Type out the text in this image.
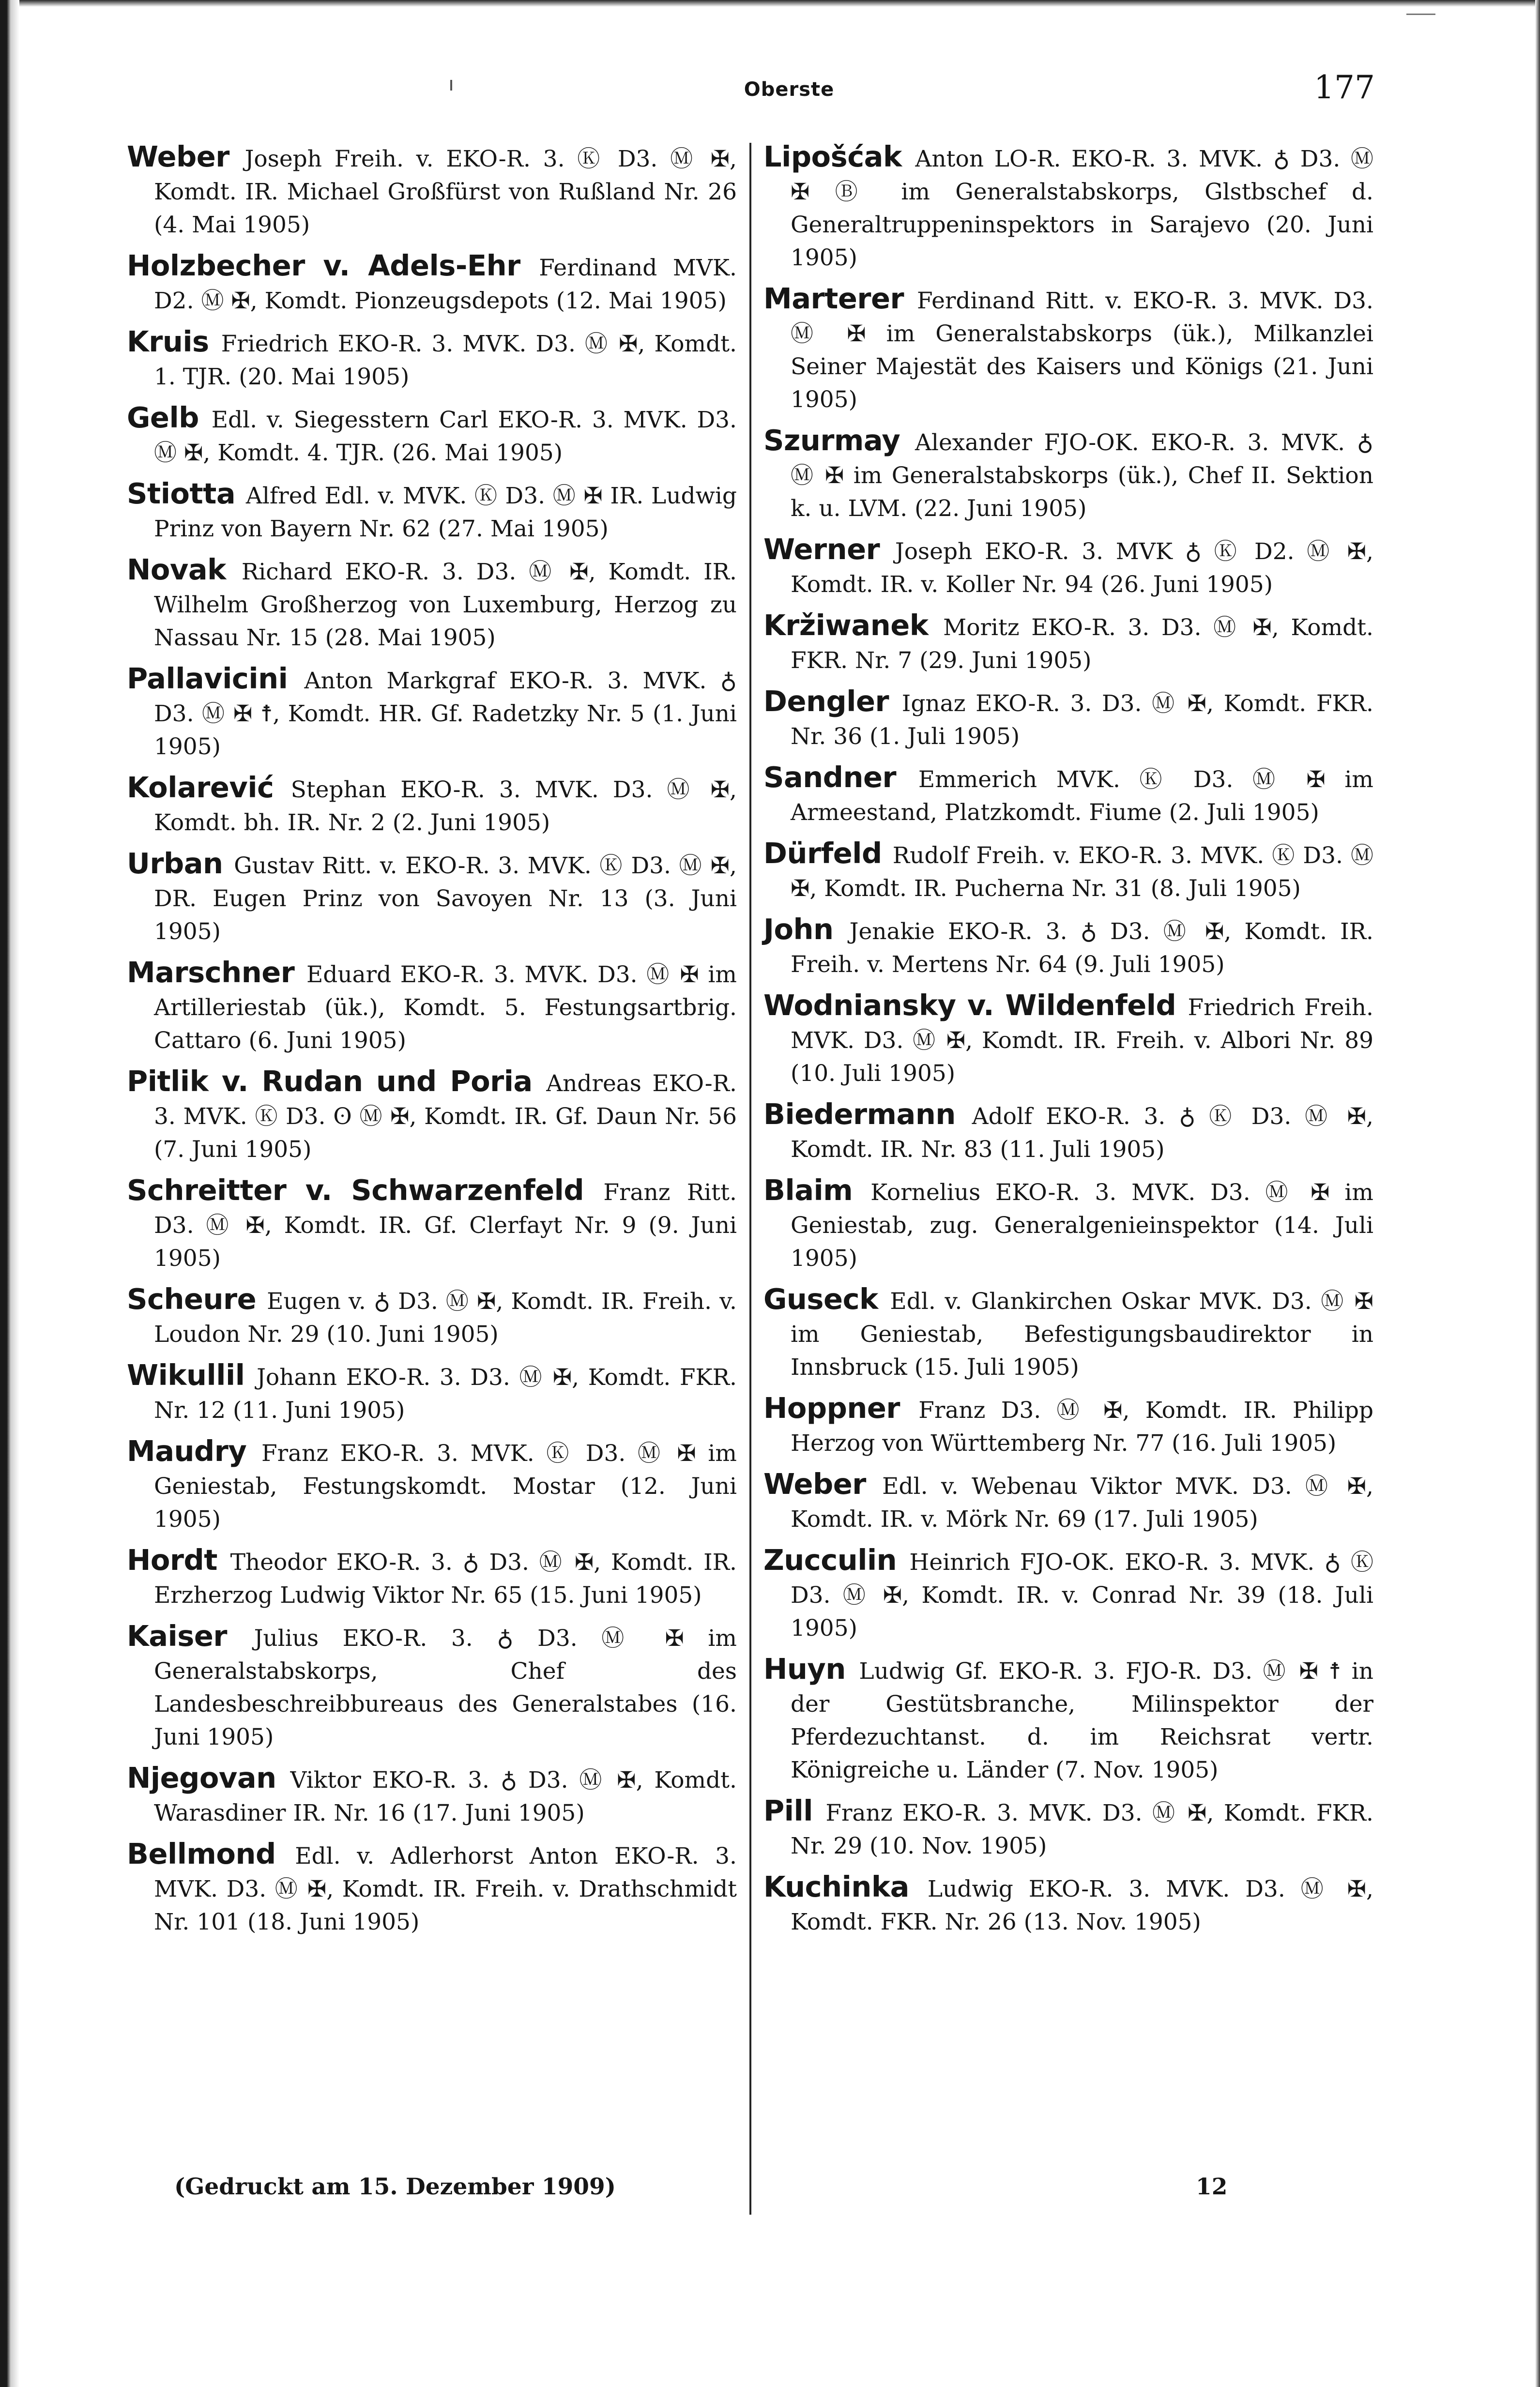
Oberste	177

Weber Joseph Freih. v. EKO-R. 3. Ⓚ D3. Ⓜ ✠, Komdt. IR. Michael Großfürst von Rußland Nr. 26 (4. Mai 1905)

Holzbecher v. Adels-Ehr Ferdinand MVK. D2. Ⓜ ✠, Komdt. Pionzeugsdepots (12. Mai 1905)

Kruis Friedrich EKO-R. 3. MVK. D3. Ⓜ ✠, Komdt. 1. TJR. (20. Mai 1905)

Gelb Edl. v. Siegesstern Carl EKO-R. 3. MVK. D3. Ⓜ ✠, Komdt. 4. TJR. (26. Mai 1905)

Stiotta Alfred Edl. v. MVK. Ⓚ D3. Ⓜ ✠ IR. Ludwig Prinz von Bayern Nr. 62 (27. Mai 1905)

Novak Richard EKO-R. 3. D3. Ⓜ ✠, Komdt. IR. Wilhelm Großherzog von Luxemburg, Herzog zu Nassau Nr. 15 (28. Mai 1905)

Pallavicini Anton Markgraf EKO-R. 3. MVK. ♁ D3. Ⓜ ✠ ☨, Komdt. HR. Gf. Radetzky Nr. 5 (1. Juni 1905)

Kolarević Stephan EKO-R. 3. MVK. D3. Ⓜ ✠, Komdt. bh. IR. Nr. 2 (2. Juni 1905)

Urban Gustav Ritt. v. EKO-R. 3. MVK. Ⓚ D3. Ⓜ ✠, DR. Eugen Prinz von Savoyen Nr. 13 (3. Juni 1905)

Marschner Eduard EKO-R. 3. MVK. D3. Ⓜ ✠ im Artilleriestab (ük.), Komdt. 5. Festungsartbrig. Cattaro (6. Juni 1905)

Pitlik v. Rudan und Poria Andreas EKO-R. 3. MVK. Ⓚ D3. ʘ Ⓜ ✠, Komdt. IR. Gf. Daun Nr. 56 (7. Juni 1905)

Schreitter v. Schwarzenfeld Franz Ritt. D3. Ⓜ ✠, Komdt. IR. Gf. Clerfayt Nr. 9 (9. Juni 1905)

Scheure Eugen v. ♁ D3. Ⓜ ✠, Komdt. IR. Freih. v. Loudon Nr. 29 (10. Juni 1905)

Wikullil Johann EKO-R. 3. D3. Ⓜ ✠, Komdt. FKR. Nr. 12 (11. Juni 1905)

Maudry Franz EKO-R. 3. MVK. Ⓚ D3. Ⓜ ✠ im Geniestab, Festungskomdt. Mostar (12. Juni 1905)

Hordt Theodor EKO-R. 3. ♁ D3. Ⓜ ✠, Komdt. IR. Erzherzog Ludwig Viktor Nr. 65 (15. Juni 1905)

Kaiser Julius EKO-R. 3. ♁ D3. Ⓜ ✠ im Generalstabskorps, Chef des Landesbeschreibbureaus des Generalstabes (16. Juni 1905)

Njegovan Viktor EKO-R. 3. ♁ D3. Ⓜ ✠, Komdt. Warasdiner IR. Nr. 16 (17. Juni 1905)

Bellmond Edl. v. Adlerhorst Anton EKO-R. 3. MVK. D3. Ⓜ ✠, Komdt. IR. Freih. v. Drathschmidt Nr. 101 (18. Juni 1905)

Lipošćak Anton LO-R. EKO-R. 3. MVK. ♁ D3. Ⓜ ✠ Ⓑ im Generalstabskorps, Glstbschef d. Generaltruppeninspektors in Sarajevo (20. Juni 1905)

Marterer Ferdinand Ritt. v. EKO-R. 3. MVK. D3. Ⓜ ✠ im Generalstabskorps (ük.), Milkanzlei Seiner Majestät des Kaisers und Königs (21. Juni 1905)

Szurmay Alexander FJO-OK. EKO-R. 3. MVK. ♁ Ⓜ ✠ im Generalstabskorps (ük.), Chef II. Sektion k. u. LVM. (22. Juni 1905)

Werner Joseph EKO-R. 3. MVK ♁ Ⓚ D2. Ⓜ ✠, Komdt. IR. v. Koller Nr. 94 (26. Juni 1905)

Kržiwanek Moritz EKO-R. 3. D3. Ⓜ ✠, Komdt. FKR. Nr. 7 (29. Juni 1905)

Dengler Ignaz EKO-R. 3. D3. Ⓜ ✠, Komdt. FKR. Nr. 36 (1. Juli 1905)

Sandner Emmerich MVK. Ⓚ D3. Ⓜ ✠ im Armeestand, Platzkomdt. Fiume (2. Juli 1905)

Dürfeld Rudolf Freih. v. EKO-R. 3. MVK. Ⓚ D3. Ⓜ ✠, Komdt. IR. Pucherna Nr. 31 (8. Juli 1905)

John Jenakie EKO-R. 3. ♁ D3. Ⓜ ✠, Komdt. IR. Freih. v. Mertens Nr. 64 (9. Juli 1905)

Wodniansky v. Wildenfeld Friedrich Freih. MVK. D3. Ⓜ ✠, Komdt. IR. Freih. v. Albori Nr. 89 (10. Juli 1905)

Biedermann Adolf EKO-R. 3. ♁ Ⓚ D3. Ⓜ ✠, Komdt. IR. Nr. 83 (11. Juli 1905)

Blaim Kornelius EKO-R. 3. MVK. D3. Ⓜ ✠ im Geniestab, zug. Generalgenieinspektor (14. Juli 1905)

Guseck Edl. v. Glankirchen Oskar MVK. D3. Ⓜ ✠ im Geniestab, Befestigungsbaudirektor in Innsbruck (15. Juli 1905)

Hoppner Franz D3. Ⓜ ✠, Komdt. IR. Philipp Herzog von Württemberg Nr. 77 (16. Juli 1905)

Weber Edl. v. Webenau Viktor MVK. D3. Ⓜ ✠, Komdt. IR. v. Mörk Nr. 69 (17. Juli 1905)

Zucculin Heinrich FJO-OK. EKO-R. 3. MVK. ♁ Ⓚ D3. Ⓜ ✠, Komdt. IR. v. Conrad Nr. 39 (18. Juli 1905)

Huyn Ludwig Gf. EKO-R. 3. FJO-R. D3. Ⓜ ✠ ☨ in der Gestütsbranche, Milinspektor der Pferdezuchtanst. d. im Reichsrat vertr. Königreiche u. Länder (7. Nov. 1905)

Pill Franz EKO-R. 3. MVK. D3. Ⓜ ✠, Komdt. FKR. Nr. 29 (10. Nov. 1905)

Kuchinka Ludwig EKO-R. 3. MVK. D3. Ⓜ ✠, Komdt. FKR. Nr. 26 (13. Nov. 1905)

(Gedruckt am 15. Dezember 1909)	12
